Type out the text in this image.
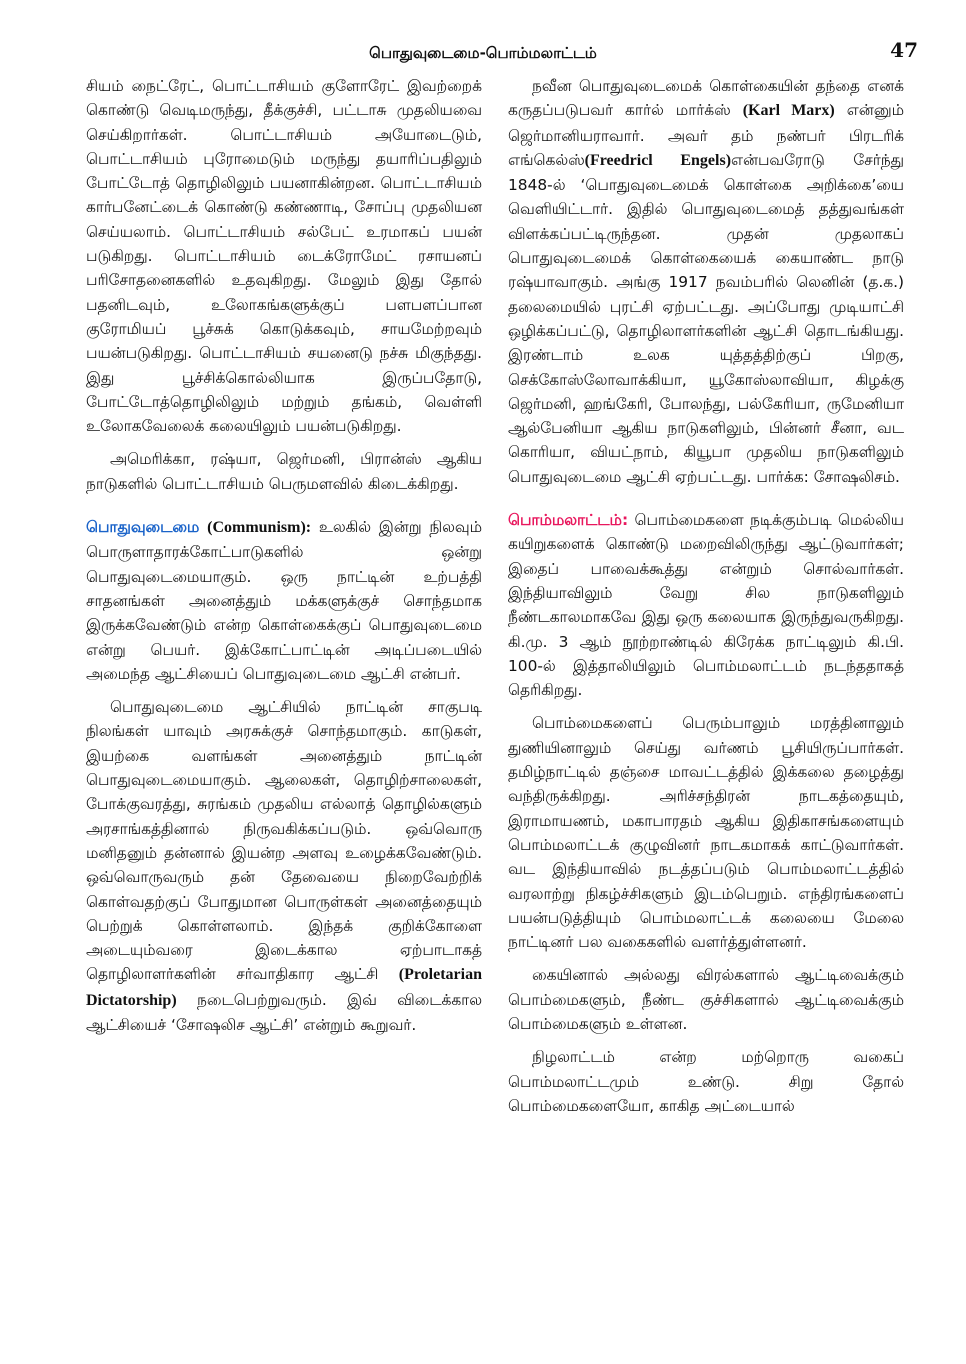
பொதுவுடைமை-பொம்மலாட்டம்	47

சியம் நைட்ரேட், பொட்டாசியம் குளோரேட் இவற்றைக் கொண்டு வெடிமருந்து, தீக்குச்சி, பட்டாசு முதலியவை செய்கிறார்கள். பொட்டாசியம் அயோடைடும், பொட்டாசியம் புரோமைடும் மருந்து தயாரிப்பதிலும் போட்டோத் தொழிலிலும் பயனாகின்றன. பொட்டாசியம் கார்பனேட்டைக் கொண்டு கண்ணாடி, சோப்பு முதலியன செய்யலாம். பொட்டாசியம் சல்பேட் உரமாகப் பயன் படுகிறது. பொட்டாசியம் டைக்ரோமேட் ரசாயனப் பரிசோதனைகளில் உதவுகிறது. மேலும் இது தோல் பதனிடவும், உலோகங்களுக்குப் பளபளப்பான குரோமியப் பூச்சுக் கொடுக்கவும், சாயமேற்றவும் பயன்படுகிறது. பொட்டாசியம் சயனைடு நச்சு மிகுந்தது. இது பூச்சிக்கொல்லியாக இருப்பதோடு, போட்டோத்தொழிலிலும் மற்றும் தங்கம், வெள்ளி உலோகவேலைக் கலையிலும் பயன்படுகிறது.

அமெரிக்கா, ரஷ்யா, ஜெர்மனி, பிரான்ஸ் ஆகிய நாடுகளில் பொட்டாசியம் பெருமளவில் கிடைக்கிறது.

பொதுவுடைமை (Communism): உலகில் இன்று நிலவும் பொருளாதாரக்கோட்பாடுகளில் ஒன்று பொதுவுடைமையாகும். ஒரு நாட்டின் உற்பத்தி சாதனங்கள் அனைத்தும் மக்களுக்குச் சொந்தமாக இருக்கவேண்டும் என்ற கொள்கைக்குப் பொதுவுடைமை என்று பெயர். இக்கோட்பாட்டின் அடிப்படையில் அமைந்த ஆட்சியைப் பொதுவுடைமை ஆட்சி என்பர்.

பொதுவுடைமை ஆட்சியில் நாட்டின் சாகுபடி நிலங்கள் யாவும் அரசுக்குச் சொந்தமாகும். காடுகள், இயற்கை வளங்கள் அனைத்தும் நாட்டின் பொதுவுடைமையாகும். ஆலைகள், தொழிற்சாலைகள், போக்குவரத்து, சுரங்கம் முதலிய எல்லாத் தொழில்களும் அரசாங்கத்தினால் நிருவகிக்கப்படும். ஒவ்வொரு மனிதனும் தன்னால் இயன்ற அளவு உழைக்கவேண்டும். ஒவ்வொருவரும் தன் தேவையை நிறைவேற்றிக் கொள்வதற்குப் போதுமான பொருள்கள் அனைத்தையும் பெற்றுக் கொள்ளலாம். இந்தக் குறிக்கோளை அடையும்வரை இடைக்கால ஏற்பாடாகத் தொழிலாளர்களின் சர்வாதிகார ஆட்சி (Proletarian Dictatorship) நடைபெற்றுவரும். இவ் விடைக்கால ஆட்சியைச் ‘சோஷலிச ஆட்சி’ என்றும் கூறுவர்.

நவீன பொதுவுடைமைக் கொள்கையின் தந்தை எனக் கருதப்படுபவர் கார்ல் மார்க்ஸ் (Karl Marx) என்னும் ஜெர்மானியராவார். அவர் தம் நண்பர் பிரடரிக் எங்கெல்ஸ்(Freedricl Engels)என்பவரோடு சேர்ந்து 1848-ல் ‘பொதுவுடைமைக் கொள்கை அறிக்கை’யை வெளியிட்டார். இதில் பொதுவுடைமைத் தத்துவங்கள் விளக்கப்பட்டிருந்தன. முதன் முதலாகப் பொதுவுடைமைக் கொள்கையைக் கையாண்ட நாடு ரஷ்யாவாகும். அங்கு 1917 நவம்பரில் லெனின் (த.க.) தலைமையில் புரட்சி ஏற்பட்டது. அப்போது முடியாட்சி ஒழிக்கப்பட்டு, தொழிலாளர்களின் ஆட்சி தொடங்கியது. இரண்டாம் உலக யுத்தத்திற்குப் பிறகு, செக்கோஸ்லோவாக்கியா, யூகோஸ்லாவியா, கிழக்கு ஜெர்மனி, ஹங்கேரி, போலந்து, பல்கேரியா, ருமேனியா ஆல்பேனியா ஆகிய நாடுகளிலும், பின்னர் சீனா, வட கொரியா, வியட்நாம், கியூபா முதலிய நாடுகளிலும் பொதுவுடைமை ஆட்சி ஏற்பட்டது. பார்க்க: சோஷலிசம்.

பொம்மலாட்டம்: பொம்மைகளை நடிக்கும்படி மெல்லிய கயிறுகளைக் கொண்டு மறைவிலிருந்து ஆட்டுவார்கள்; இதைப் பாவைக்கூத்து என்றும் சொல்வார்கள். இந்தியாவிலும் வேறு சில நாடுகளிலும் நீண்டகாலமாகவே இது ஒரு கலையாக இருந்துவருகிறது. கி.மு. 3 ஆம் நூற்றாண்டில் கிரேக்க நாட்டிலும் கி.பி. 100-ல் இத்தாலியிலும் பொம்மலாட்டம் நடந்ததாகத் தெரிகிறது.

பொம்மைகளைப் பெரும்பாலும் மரத்தினாலும் துணியினாலும் செய்து வர்ணம் பூசியிருப்பார்கள். தமிழ்நாட்டில் தஞ்சை மாவட்டத்தில் இக்கலை தழைத்து வந்திருக்கிறது. அரிச்சந்திரன் நாடகத்தையும், இராமாயணம், மகாபாரதம் ஆகிய இதிகாசங்களையும் பொம்மலாட்டக் குழுவினர் நாடகமாகக் காட்டுவார்கள். வட இந்தியாவில் நடத்தப்படும் பொம்மலாட்டத்தில் வரலாற்று நிகழ்ச்சிகளும் இடம்பெறும். எந்திரங்களைப் பயன்படுத்தியும் பொம்மலாட்டக் கலையை மேலை நாட்டினர் பல வகைகளில் வளர்த்துள்ளனர்.

கையினால் அல்லது விரல்களால் ஆட்டிவைக்கும் பொம்மைகளும், நீண்ட குச்சிகளால் ஆட்டிவைக்கும் பொம்மைகளும் உள்ளன.

நிழலாட்டம் என்ற மற்றொரு வகைப் பொம்மலாட்டமும் உண்டு. சிறு தோல் பொம்மைகளையோ, காகித அட்டையால்
